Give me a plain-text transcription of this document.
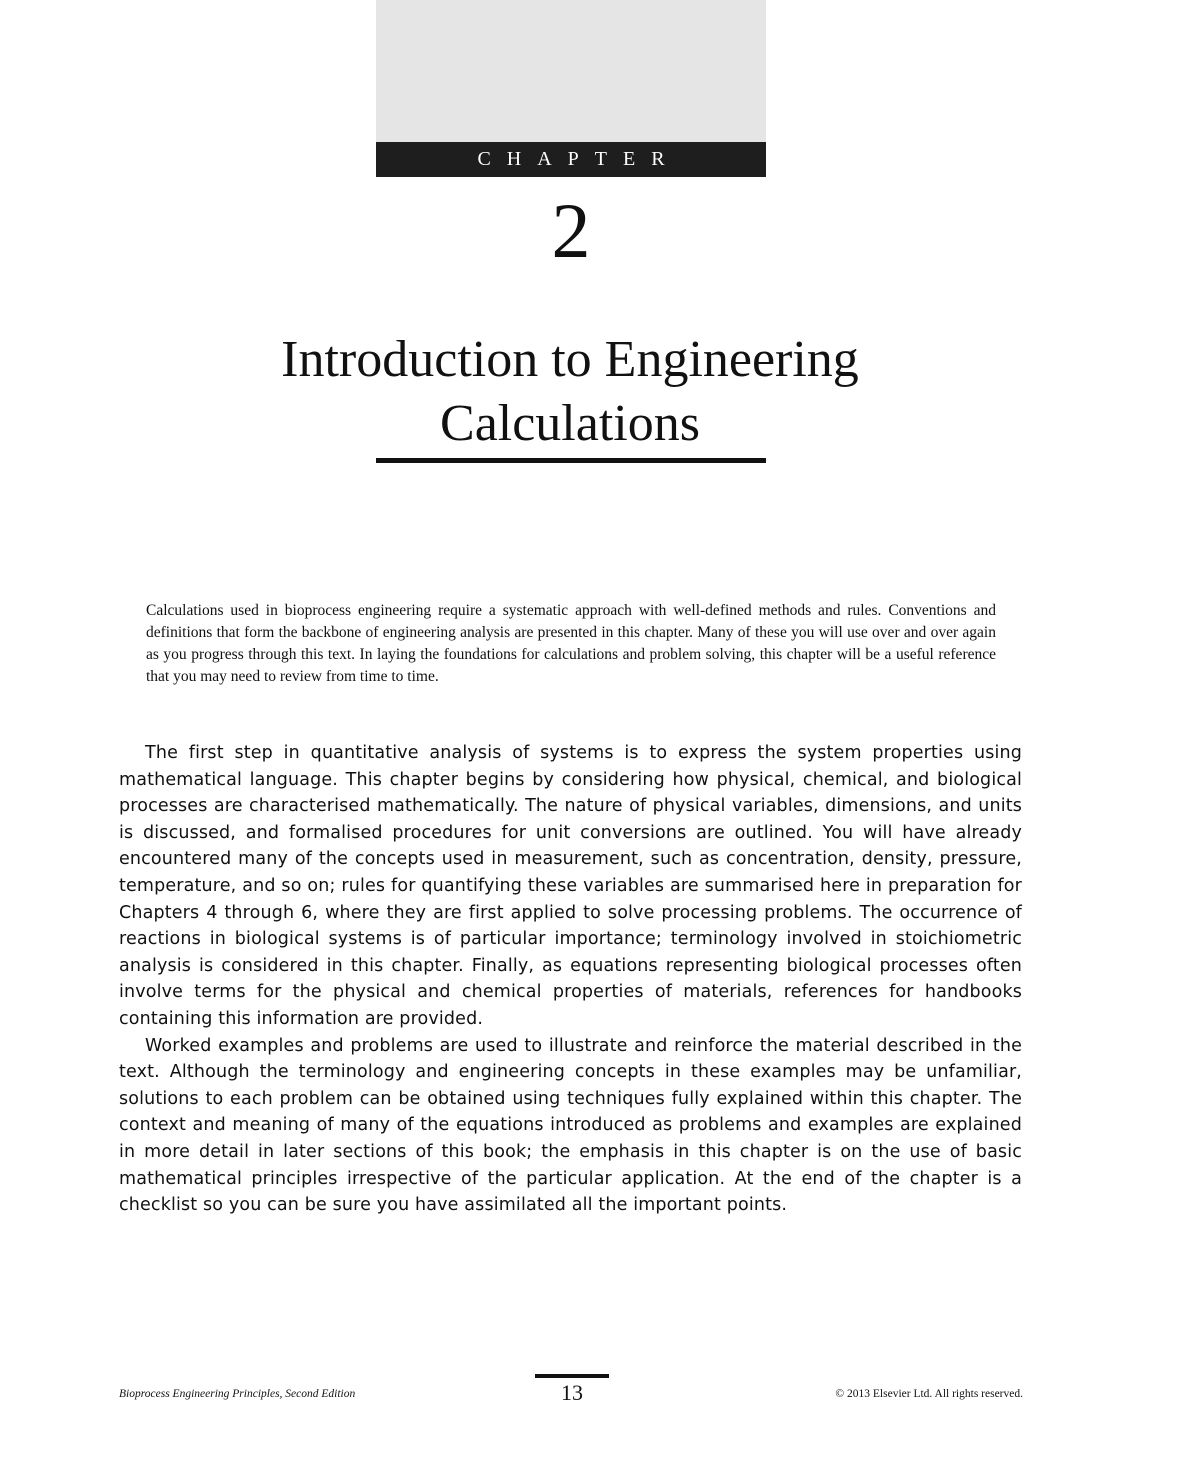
CHAPTER
2
Introduction to Engineering
Calculations

Calculations used in bioprocess engineering require a systematic approach with well-defined methods and rules. Conventions and definitions that form the backbone of engineering analysis are presented in this chapter. Many of these you will use over and over again as you progress through this text. In laying the foundations for calculations and problem solving, this chapter will be a useful reference that you may need to review from time to time.

The first step in quantitative analysis of systems is to express the system properties using mathematical language. This chapter begins by considering how physical, chemical, and biological processes are characterised mathematically. The nature of physical variables, dimensions, and units is discussed, and formalised procedures for unit conversions are outlined. You will have already encountered many of the concepts used in measurement, such as concentration, density, pressure, temperature, and so on; rules for quantifying these variables are summarised here in preparation for Chapters 4 through 6, where they are first applied to solve processing problems. The occurrence of reactions in biological systems is of particular importance; terminology involved in stoichiometric analysis is considered in this chapter. Finally, as equations representing biological processes often involve terms for the physical and chemical properties of materials, references for handbooks containing this information are provided.

Worked examples and problems are used to illustrate and reinforce the material described in the text. Although the terminology and engineering concepts in these examples may be unfamiliar, solutions to each problem can be obtained using techniques fully explained within this chapter. The context and meaning of many of the equations introduced as problems and examples are explained in more detail in later sections of this book; the emphasis in this chapter is on the use of basic mathematical principles irrespective of the particular application. At the end of the chapter is a checklist so you can be sure you have assimilated all the important points.

13
Bioprocess Engineering Principles, Second Edition	© 2013 Elsevier Ltd. All rights reserved.
